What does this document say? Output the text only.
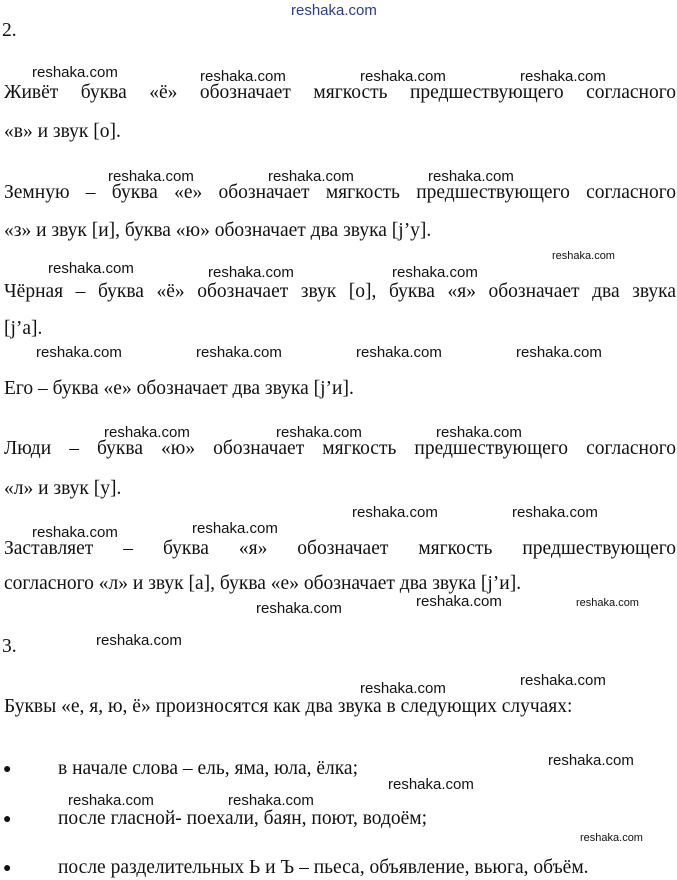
reshaka.com
reshaka.com	reshaka.com	reshaka.com	reshaka.com
reshaka.com	reshaka.com	reshaka.com
reshaka.com
reshaka.com	reshaka.com	reshaka.com
reshaka.com	reshaka.com	reshaka.com	reshaka.com
reshaka.com	reshaka.com	reshaka.com
reshaka.com	reshaka.com
reshaka.com	reshaka.com
reshaka.com	reshaka.com
reshaka.com
reshaka.com
reshaka.com
reshaka.com
reshaka.com
reshaka.com
reshaka.com	reshaka.com
reshaka.com
2.
Живёт буква «ё» обозначает мягкость предшествующего согласного
«в» и звук [о].
Земную – буква «е» обозначает мягкость предшествующего согласного
«з» и звук [и], буква «ю» обозначает два звука [j’у].
Чёрная – буква «ё» обозначает звук [о], буква «я» обозначает два звука
[j’а].
Его – буква «е» обозначает два звука [j’и].
Люди – буква «ю» обозначает мягкость предшествующего согласного
«л» и звук [у].
Заставляет – буква «я» обозначает мягкость предшествующего
согласного «л» и звук [а], буква «е» обозначает два звука [j’и].
3.
Буквы «е, я, ю, ё» произносятся как два звука в следующих случаях:
● в начале слова – ель, яма, юла, ёлка;
● после гласной- поехали, баян, поют, водоём;
● после разделительных Ь и Ъ – пьеса, объявление, вьюга, объём.
